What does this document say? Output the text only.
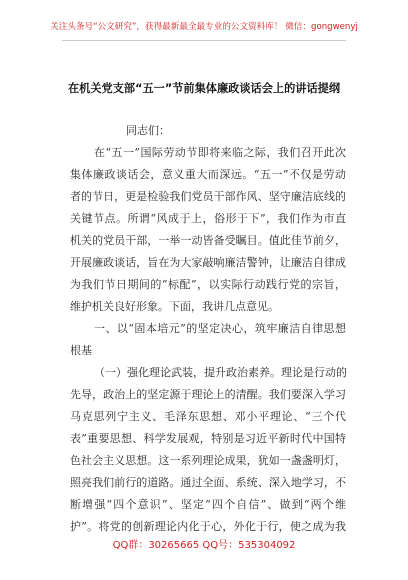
关注头条号“公文研究”，获得最新最全最专业的公文资料库！ 微信：gongwenyj
在机关党支部“五一”节前集体廉政谈话会上的讲话提纲
同志们：
在“五一”国际劳动节即将来临之际，我们召开此次
集体廉政谈话会，意义重大而深远。“五一”不仅是劳动
者的节日，更是检验我们党员干部作风、坚守廉洁底线的
关键节点。所谓“风成于上，俗形于下”，我们作为市直
机关的党员干部，一举一动皆备受瞩目。值此佳节前夕，
开展廉政谈话，旨在为大家敲响廉洁警钟，让廉洁自律成
为我们节日期间的“标配”，以实际行动践行党的宗旨，
维护机关良好形象。下面，我讲几点意见。
一、以“固本培元”的坚定决心，筑牢廉洁自律思想
根基
（一）强化理论武装，提升政治素养。理论是行动的
先导，政治上的坚定源于理论上的清醒。我们要深入学习
马克思列宁主义、毛泽东思想、邓小平理论、“三个代
表”重要思想、科学发展观，特别是习近平新时代中国特
色社会主义思想。这一系列理论成果，犹如一盏盏明灯，
照亮我们前行的道路。通过全面、系统、深入地学习，不
断增强“四个意识”、坚定“四个自信”、做到“两个维
护”。将党的创新理论内化于心，外化于行，使之成为我
QQ群：30265665 QQ号：535304092
